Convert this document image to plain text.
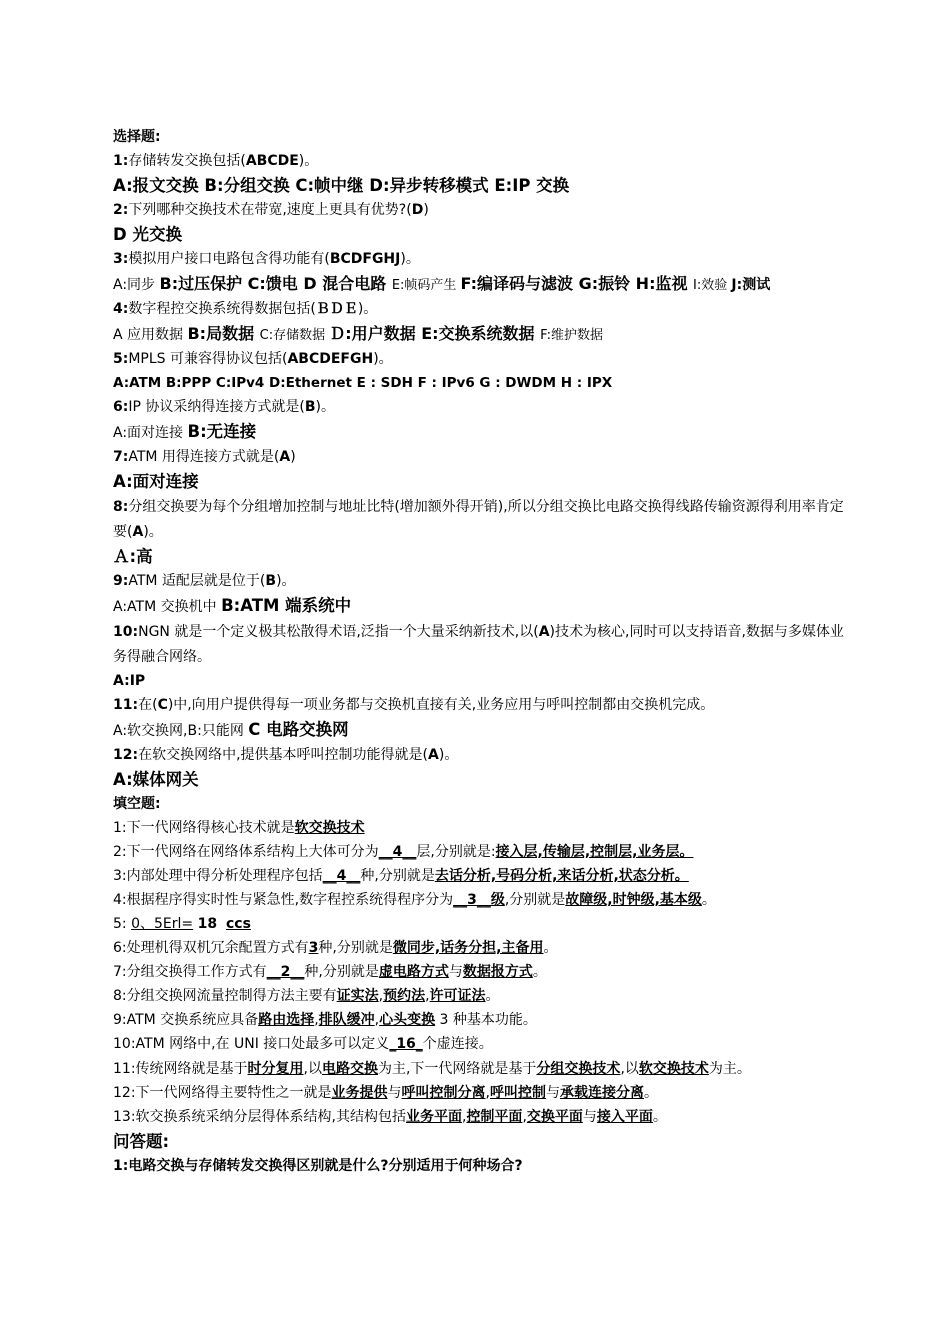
选择题:

1:存储转发交换包括(ABCDE)。

A:报文交换 B:分组交换 C:帧中继 D:异步转移模式 E:IP 交换

2:下列哪种交换技术在带宽,速度上更具有优势?(D)

D 光交换

3:模拟用户接口电路包含得功能有(BCDFGHJ)。

A:同步 B:过压保护 C:馈电 D 混合电路 E:帧码产生 F:编译码与滤波 G:振铃 H:监视 I:效验 J:测试

4:数字程控交换系统得数据包括(ＢＤＥ)。

A 应用数据 B:局数据 C:存储数据 Ｄ:用户数据 E:交换系统数据 F:维护数据

5:MPLS 可兼容得协议包括(ABCDEFGH)。

A:ATM B:PPP C:IPv4 D:Ethernet E : SDH F : IPv6 G : DWDM H : IPX

6:IP 协议采纳得连接方式就是(B)。

A:面对连接 B:无连接

7:ATM 用得连接方式就是(A)

A:面对连接

8:分组交换要为每个分组增加控制与地址比特(增加额外得开销),所以分组交换比电路交换得线路传输资源得利用率肯定要(A)。

Ａ:高

9:ATM 适配层就是位于(B)。

A:ATM 交换机中 B:ATM 端系统中

10:NGN 就是一个定义极其松散得术语,泛指一个大量采纳新技术,以(A)技术为核心,同时可以支持语音,数据与多媒体业务得融合网络。

A:IP

11:在(C)中,向用户提供得每一项业务都与交换机直接有关,业务应用与呼叫控制都由交换机完成。

A:软交换网,B:只能网 C 电路交换网

12:在软交换网络中,提供基本呼叫控制功能得就是(A)。

A:媒体网关

填空题:

1:下一代网络得核心技术就是软交换技术

2:下一代网络在网络体系结构上大体可分为__4__层,分别就是:接入层,传输层,控制层,业务层。

3:内部处理中得分析处理程序包括__4__种,分别就是去话分析,号码分析,来话分析,状态分析。

4:根据程序得实时性与紧急性,数字程控系统得程序分为__3__级,分别就是故障级,时钟级,基本级。

5: 0、5Erl= 18 ccs

6:处理机得双机冗余配置方式有3种,分别就是微同步,话务分担,主备用。

7:分组交换得工作方式有__2__种,分别就是虚电路方式与数据报方式。

8:分组交换网流量控制得方法主要有证实法,预约法,许可证法。

9:ATM 交换系统应具备路由选择,排队缓冲,心头变换 3 种基本功能。

10:ATM 网络中,在 UNI 接口处最多可以定义_16_个虚连接。

11:传统网络就是基于时分复用,以电路交换为主,下一代网络就是基于分组交换技术,以软交换技术为主。

12:下一代网络得主要特性之一就是业务提供与呼叫控制分离,呼叫控制与承载连接分离。

13:软交换系统采纳分层得体系结构,其结构包括业务平面,控制平面,交换平面与接入平面。

问答题:

1:电路交换与存储转发交换得区别就是什么?分别适用于何种场合?
